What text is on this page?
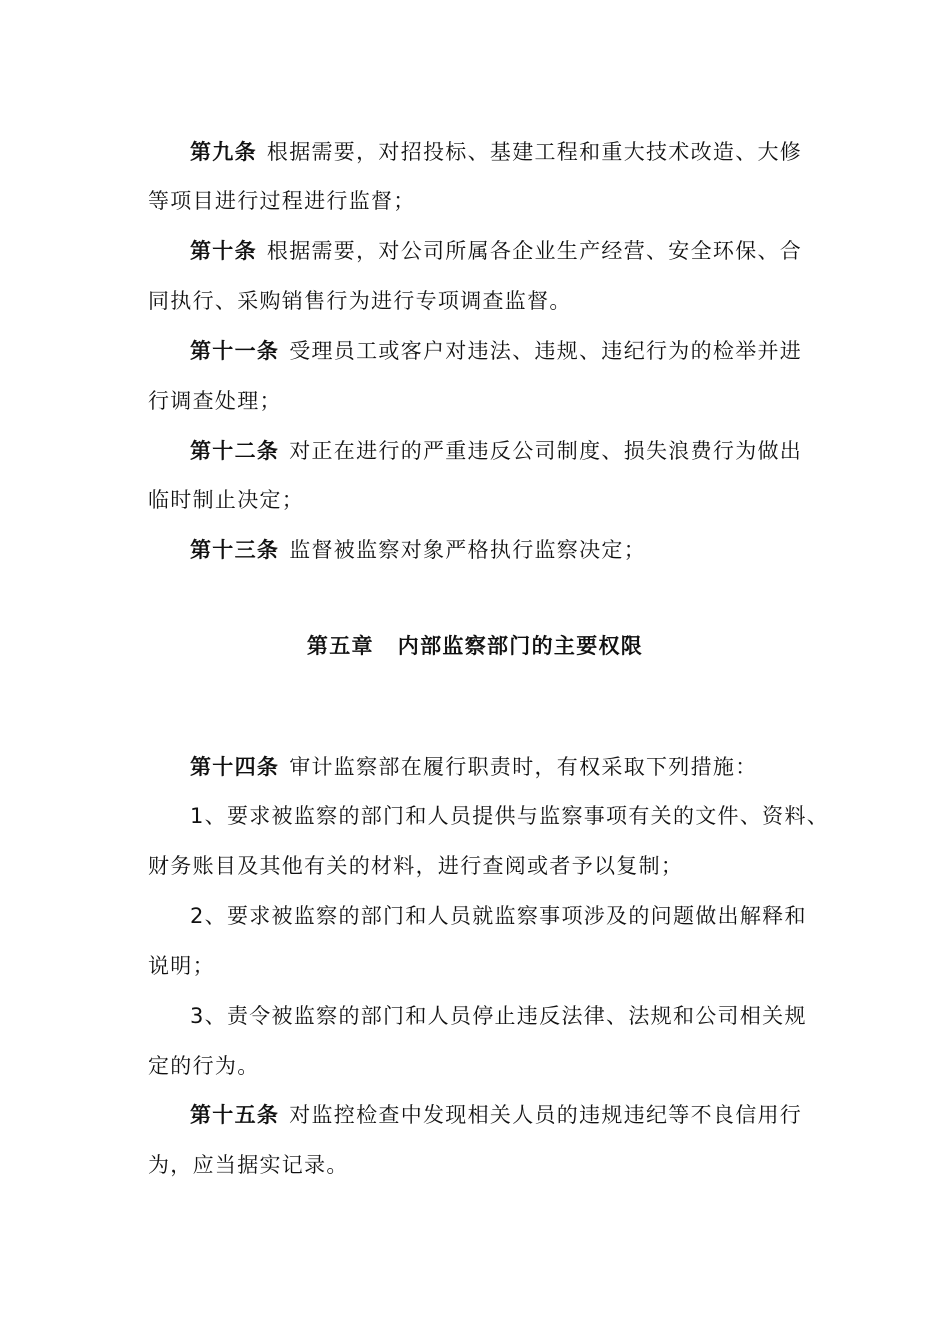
第九条 根据需要，对招投标、基建工程和重大技术改造、大修
等项目进行过程进行监督；
第十条 根据需要，对公司所属各企业生产经营、安全环保、合
同执行、采购销售行为进行专项调查监督。
第十一条 受理员工或客户对违法、违规、违纪行为的检举并进
行调查处理；
第十二条 对正在进行的严重违反公司制度、损失浪费行为做出
临时制止决定；
第十三条 监督被监察对象严格执行监察决定；
第五章 内部监察部门的主要权限
第十四条 审计监察部在履行职责时，有权采取下列措施：
1、要求被监察的部门和人员提供与监察事项有关的文件、资料、
财务账目及其他有关的材料，进行查阅或者予以复制；
2、要求被监察的部门和人员就监察事项涉及的问题做出解释和
说明；
3、责令被监察的部门和人员停止违反法律、法规和公司相关规
定的行为。
第十五条 对监控检查中发现相关人员的违规违纪等不良信用行
为，应当据实记录。
